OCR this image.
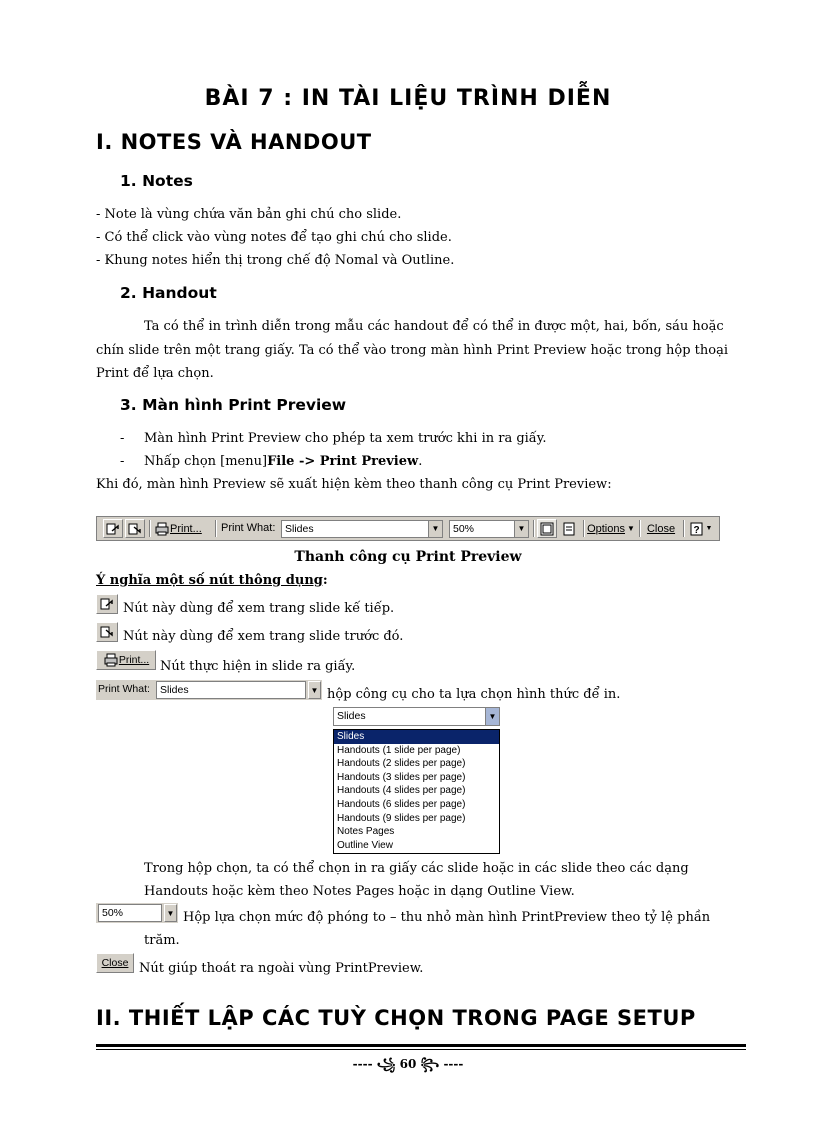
BÀI 7 : IN TÀI LIỆU TRÌNH DIỄN
I. NOTES VÀ HANDOUT
1. Notes
- Note là vùng chứa văn bản ghi chú cho slide.
- Có thể click vào vùng notes để tạo ghi chú cho slide.
- Khung notes hiển thị trong chế độ Nomal và Outline.
2. Handout
Ta có thể in trình diễn trong mẫu các handout để có thể in được một, hai, bốn, sáu hoặc
chín slide trên một trang giấy. Ta có thể vào trong màn hình Print Preview hoặc trong hộp thoại
Print để lựa chọn.
3. Màn hình Print Preview
- Màn hình Print Preview cho phép ta xem trước khi in ra giấy.
- Nhấp chọn [menu]File -> Print Preview.
Khi đó, màn hình Preview sẽ xuất hiện kèm theo thanh công cụ Print Preview:
Print... Print What: Slides	▼	50%	▼	Options ▼ Close ? ▼
Thanh công cụ Print Preview
Ý nghĩa một số nút thông dụng:
Nút này dùng để xem trang slide kế tiếp.
Nút này dùng để xem trang slide trước đó.
Print... Nút thực hiện in slide ra giấy.
Print What: Slides	▼ hộp công cụ cho ta lựa chọn hình thức để in.
Slides	▼
Slides
Handouts (1 slide per page)
Handouts (2 slides per page)
Handouts (3 slides per page)
Handouts (4 slides per page)
Handouts (6 slides per page)
Handouts (9 slides per page)
Notes Pages
Outline View
Trong hộp chọn, ta có thể chọn in ra giấy các slide hoặc in các slide theo các dạng
Handouts hoặc kèm theo Notes Pages hoặc in dạng Outline View.
50%	▼ Hộp lựa chọn mức độ phóng to – thu nhỏ màn hình PrintPreview theo tỷ lệ phần
trăm.
Close Nút giúp thoát ra ngoài vùng PrintPreview.
II. THIẾT LẬP CÁC TUỲ CHỌN TRONG PAGE SETUP
---- ꧁ 60 ꧂ ----
